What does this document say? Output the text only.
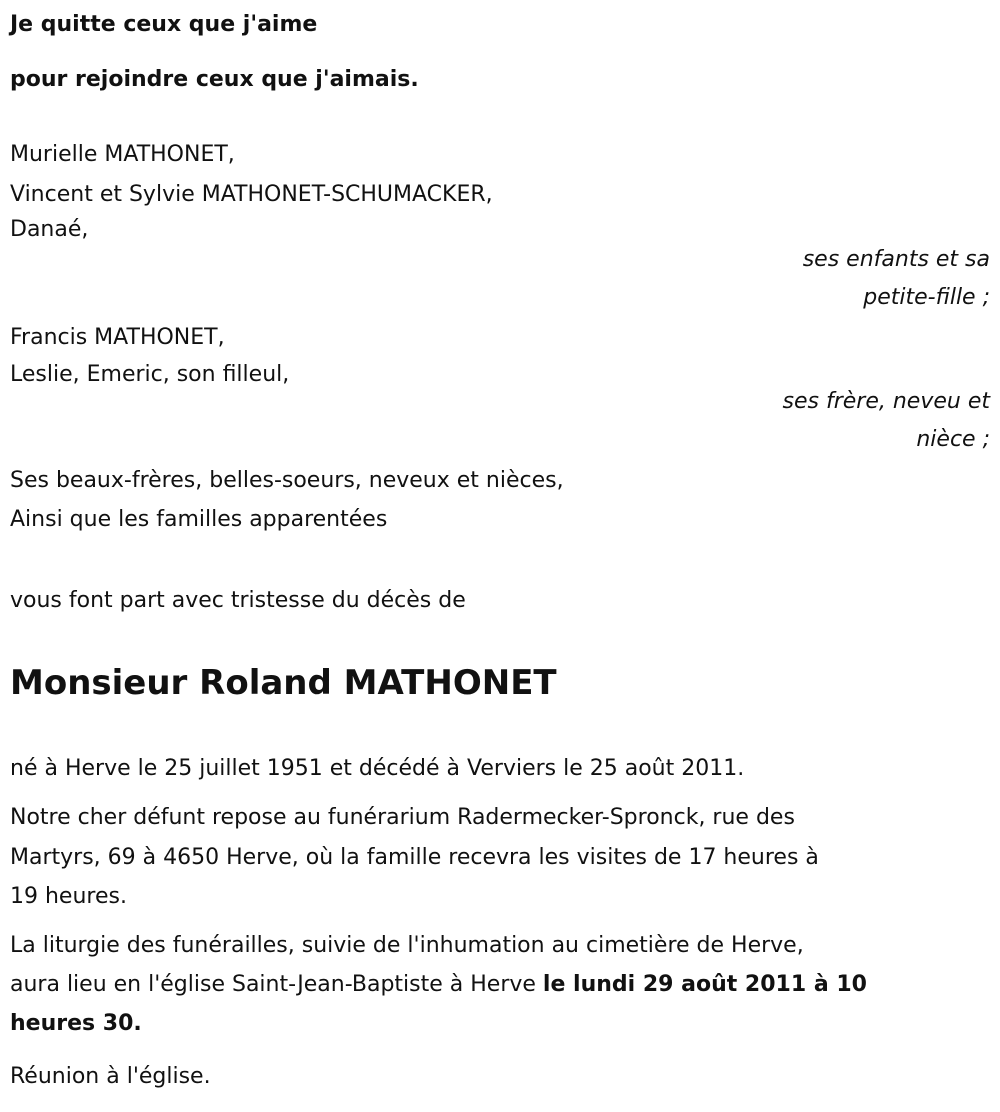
Je quitte ceux que j'aime
pour rejoindre ceux que j'aimais.
Murielle MATHONET,
Vincent et Sylvie MATHONET-SCHUMACKER,
Danaé,
ses enfants et sa
petite-fille ;
Francis MATHONET,
Leslie, Emeric, son filleul,
ses frère, neveu et
nièce ;
Ses beaux-frères, belles-soeurs, neveux et nièces,
Ainsi que les familles apparentées
vous font part avec tristesse du décès de
Monsieur Roland MATHONET
né à Herve le 25 juillet 1951 et décédé à Verviers le 25 août 2011.
Notre cher défunt repose au funérarium Radermecker-Spronck, rue des
Martyrs, 69 à 4650 Herve, où la famille recevra les visites de 17 heures à
19 heures.
La liturgie des funérailles, suivie de l'inhumation au cimetière de Herve,
aura lieu en l'église Saint-Jean-Baptiste à Herve le lundi 29 août 2011 à 10
heures 30.
Réunion à l'église.
